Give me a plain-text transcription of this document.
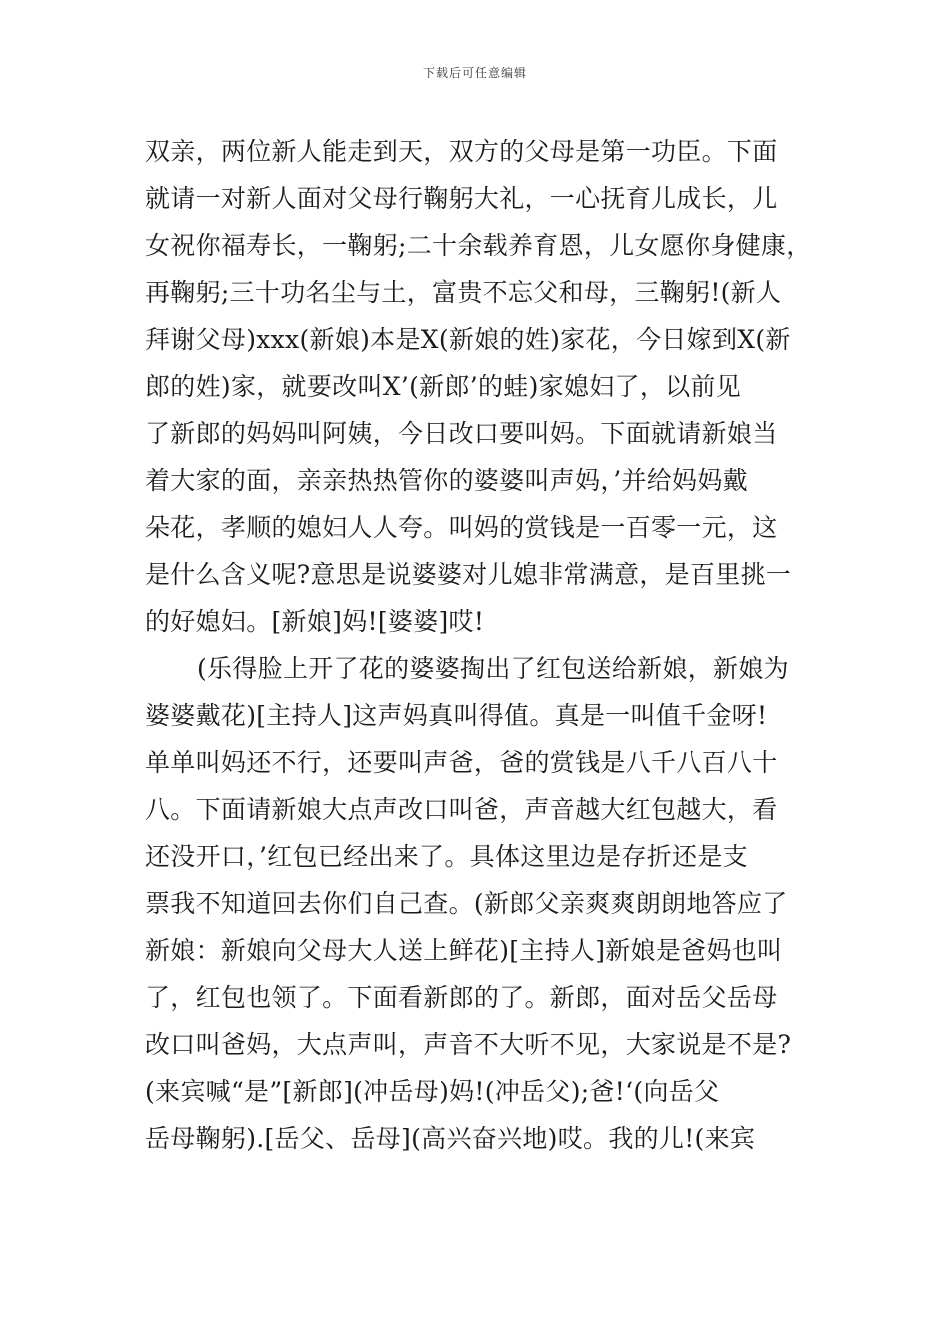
下载后可任意编辑
双亲，两位新人能走到天，双方的父母是第一功臣。下面
就请一对新人面对父母行鞠躬大礼，一心抚育儿成长，儿
女祝你福寿长，一鞠躬;二十余载养育恩，儿女愿你身健康，
再鞠躬;三十功名尘与土，富贵不忘父和母，三鞠躬!(新人
拜谢父母)xxx(新娘)本是X(新娘的姓)家花，今日嫁到X(新
郎的姓)家，就要改叫X’(新郎’的蛙)家媳妇了，以前见
了新郎的妈妈叫阿姨，今日改口要叫妈。下面就请新娘当
着大家的面，亲亲热热管你的婆婆叫声妈，’并给妈妈戴
朵花，孝顺的媳妇人人夸。叫妈的赏钱是一百零一元，这
是什么含义呢?意思是说婆婆对儿媳非常满意，是百里挑一
的好媳妇。[新娘]妈![婆婆]哎!
(乐得脸上开了花的婆婆掏出了红包送给新娘，新娘为
婆婆戴花)[主持人]这声妈真叫得值。真是一叫值千金呀!
单单叫妈还不行，还要叫声爸，爸的赏钱是八千八百八十
八。下面请新娘大点声改口叫爸，声音越大红包越大，看
还没开口，’红包已经出来了。具体这里边是存折还是支
票我不知道回去你们自己查。(新郎父亲爽爽朗朗地答应了
新娘：新娘向父母大人送上鲜花)[主持人]新娘是爸妈也叫
了，红包也领了。下面看新郎的了。新郎，面对岳父岳母
改口叫爸妈，大点声叫，声音不大听不见，大家说是不是?
(来宾喊“是”[新郎](冲岳母)妈!(冲岳父);爸!‘(向岳父
岳母鞠躬).[岳父、岳母](高兴奋兴地)哎。我的儿!(来宾
